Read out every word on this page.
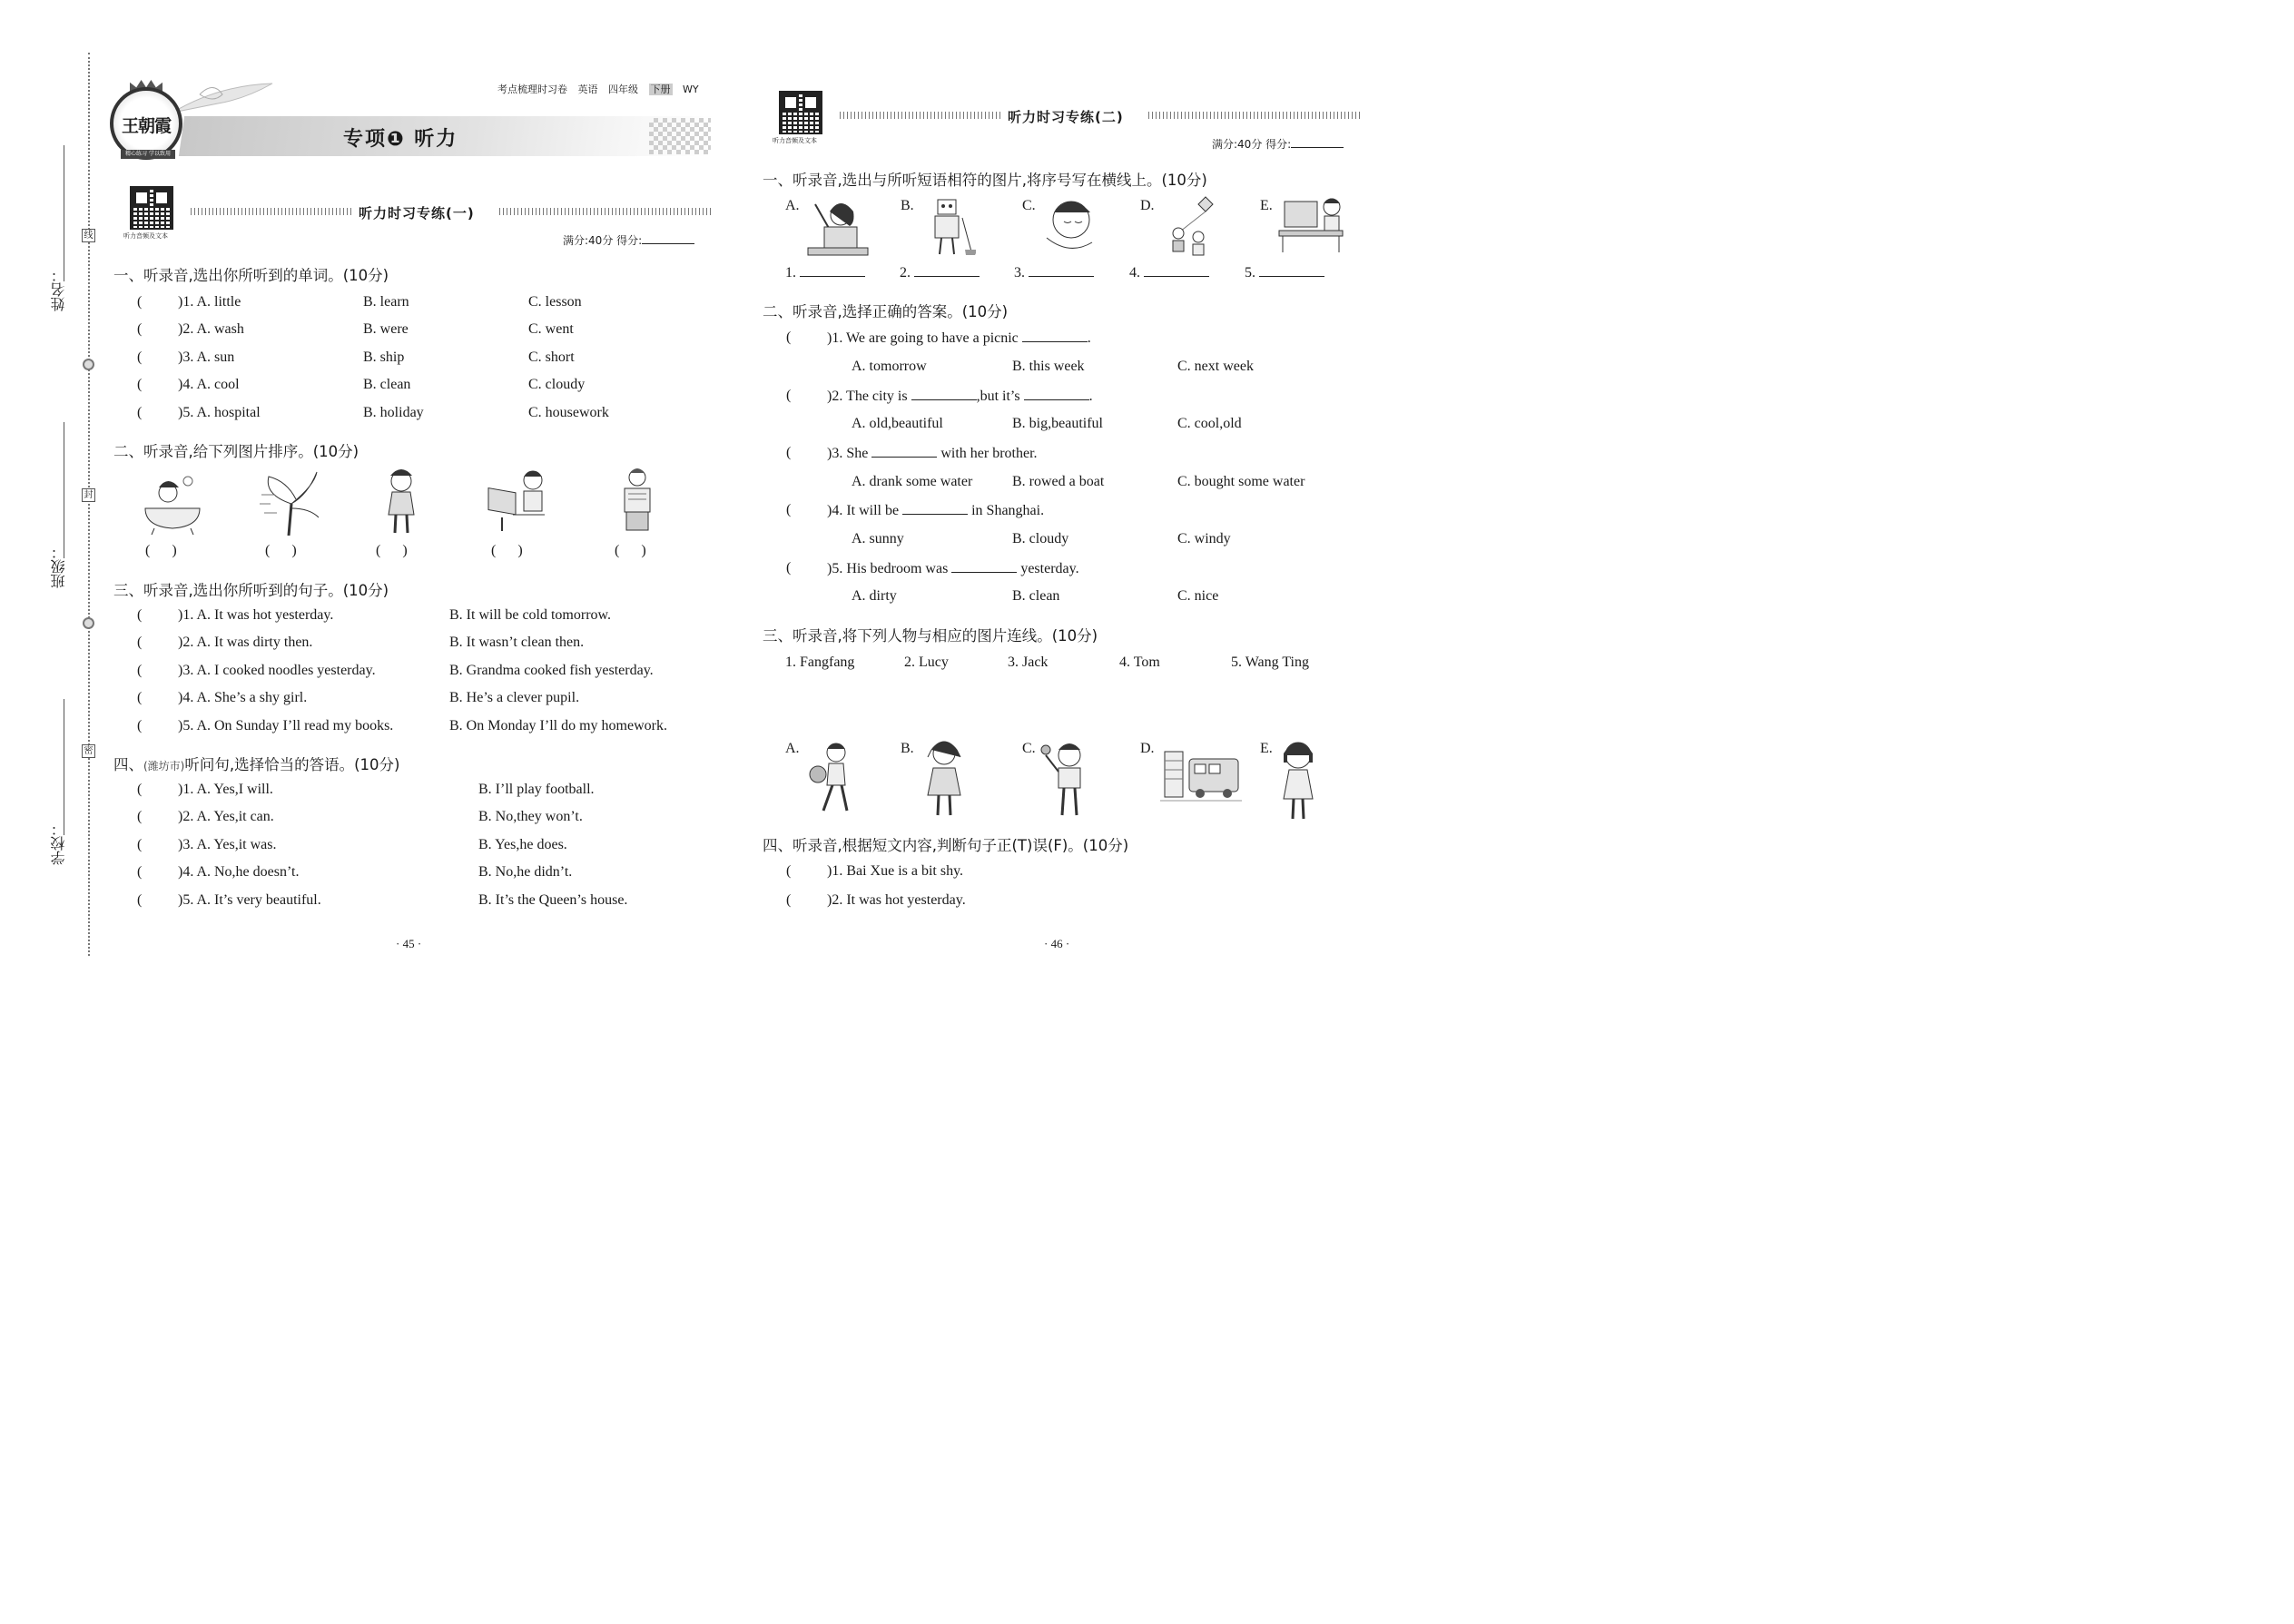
姓名：
班级：
学校：
线
封
密
王朝霞
精心练习 学以致用
考点梳理时习卷 英语 四年级 下册 WY
专项❶ 听力
听力音频及文本
听力时习专练(一)
满分:40分 得分:
一、听录音,选出你所听到的单词。(10分)
( )1. A. little	B. learn	C. lesson
( )2. A. wash	B. were	C. went
( )3. A. sun	B. ship	C. short
( )4. A. cool	B. clean	C. cloudy
( )5. A. hospital	B. holiday	C. housework
二、听录音,给下列图片排序。(10分)
(      )	(      )	(      )	(      )	(      )
三、听录音,选出你所听到的句子。(10分)
( )1. A. It was hot yesterday.	B. It will be cold tomorrow.
( )2. A. It was dirty then.	B. It wasn’t clean then.
( )3. A. I cooked noodles yesterday.	B. Grandma cooked fish yesterday.
( )4. A. She’s a shy girl.	B. He’s a clever pupil.
( )5. A. On Sunday I’ll read my books.	B. On Monday I’ll do my homework.
四、(潍坊市)听问句,选择恰当的答语。(10分)
( )1. A. Yes,I will.	B. I’ll play football.
( )2. A. Yes,it can.	B. No,they won’t.
( )3. A. Yes,it was.	B. Yes,he does.
( )4. A. No,he doesn’t.	B. No,he didn’t.
( )5. A. It’s very beautiful.	B. It’s the Queen’s house.
· 45 ·
听力音频及文本
听力时习专练(二)
满分:40分 得分:
一、听录音,选出与所听短语相符的图片,将序号写在横线上。(10分)
A.	B.	C.	D.	E.
1.	2.	3.	4.	5.
二、听录音,选择正确的答案。(10分)
( )1. We are going to have a picnic	.
A. tomorrow	B. this week	C. next week
( )2. The city is	,but it’s	.
A. old,beautiful	B. big,beautiful	C. cool,old
( )3. She	with her brother.
A. drank some water	B. rowed a boat	C. bought some water
( )4. It will be	in Shanghai.
A. sunny	B. cloudy	C. windy
( )5. His bedroom was	yesterday.
A. dirty	B. clean	C. nice
三、听录音,将下列人物与相应的图片连线。(10分)
1. Fangfang	2. Lucy	3. Jack	4. Tom	5. Wang Ting
A.	B.	C.	D.	E.
四、听录音,根据短文内容,判断句子正(T)误(F)。(10分)
( )1. Bai Xue is a bit shy.
( )2. It was hot yesterday.
· 46 ·
